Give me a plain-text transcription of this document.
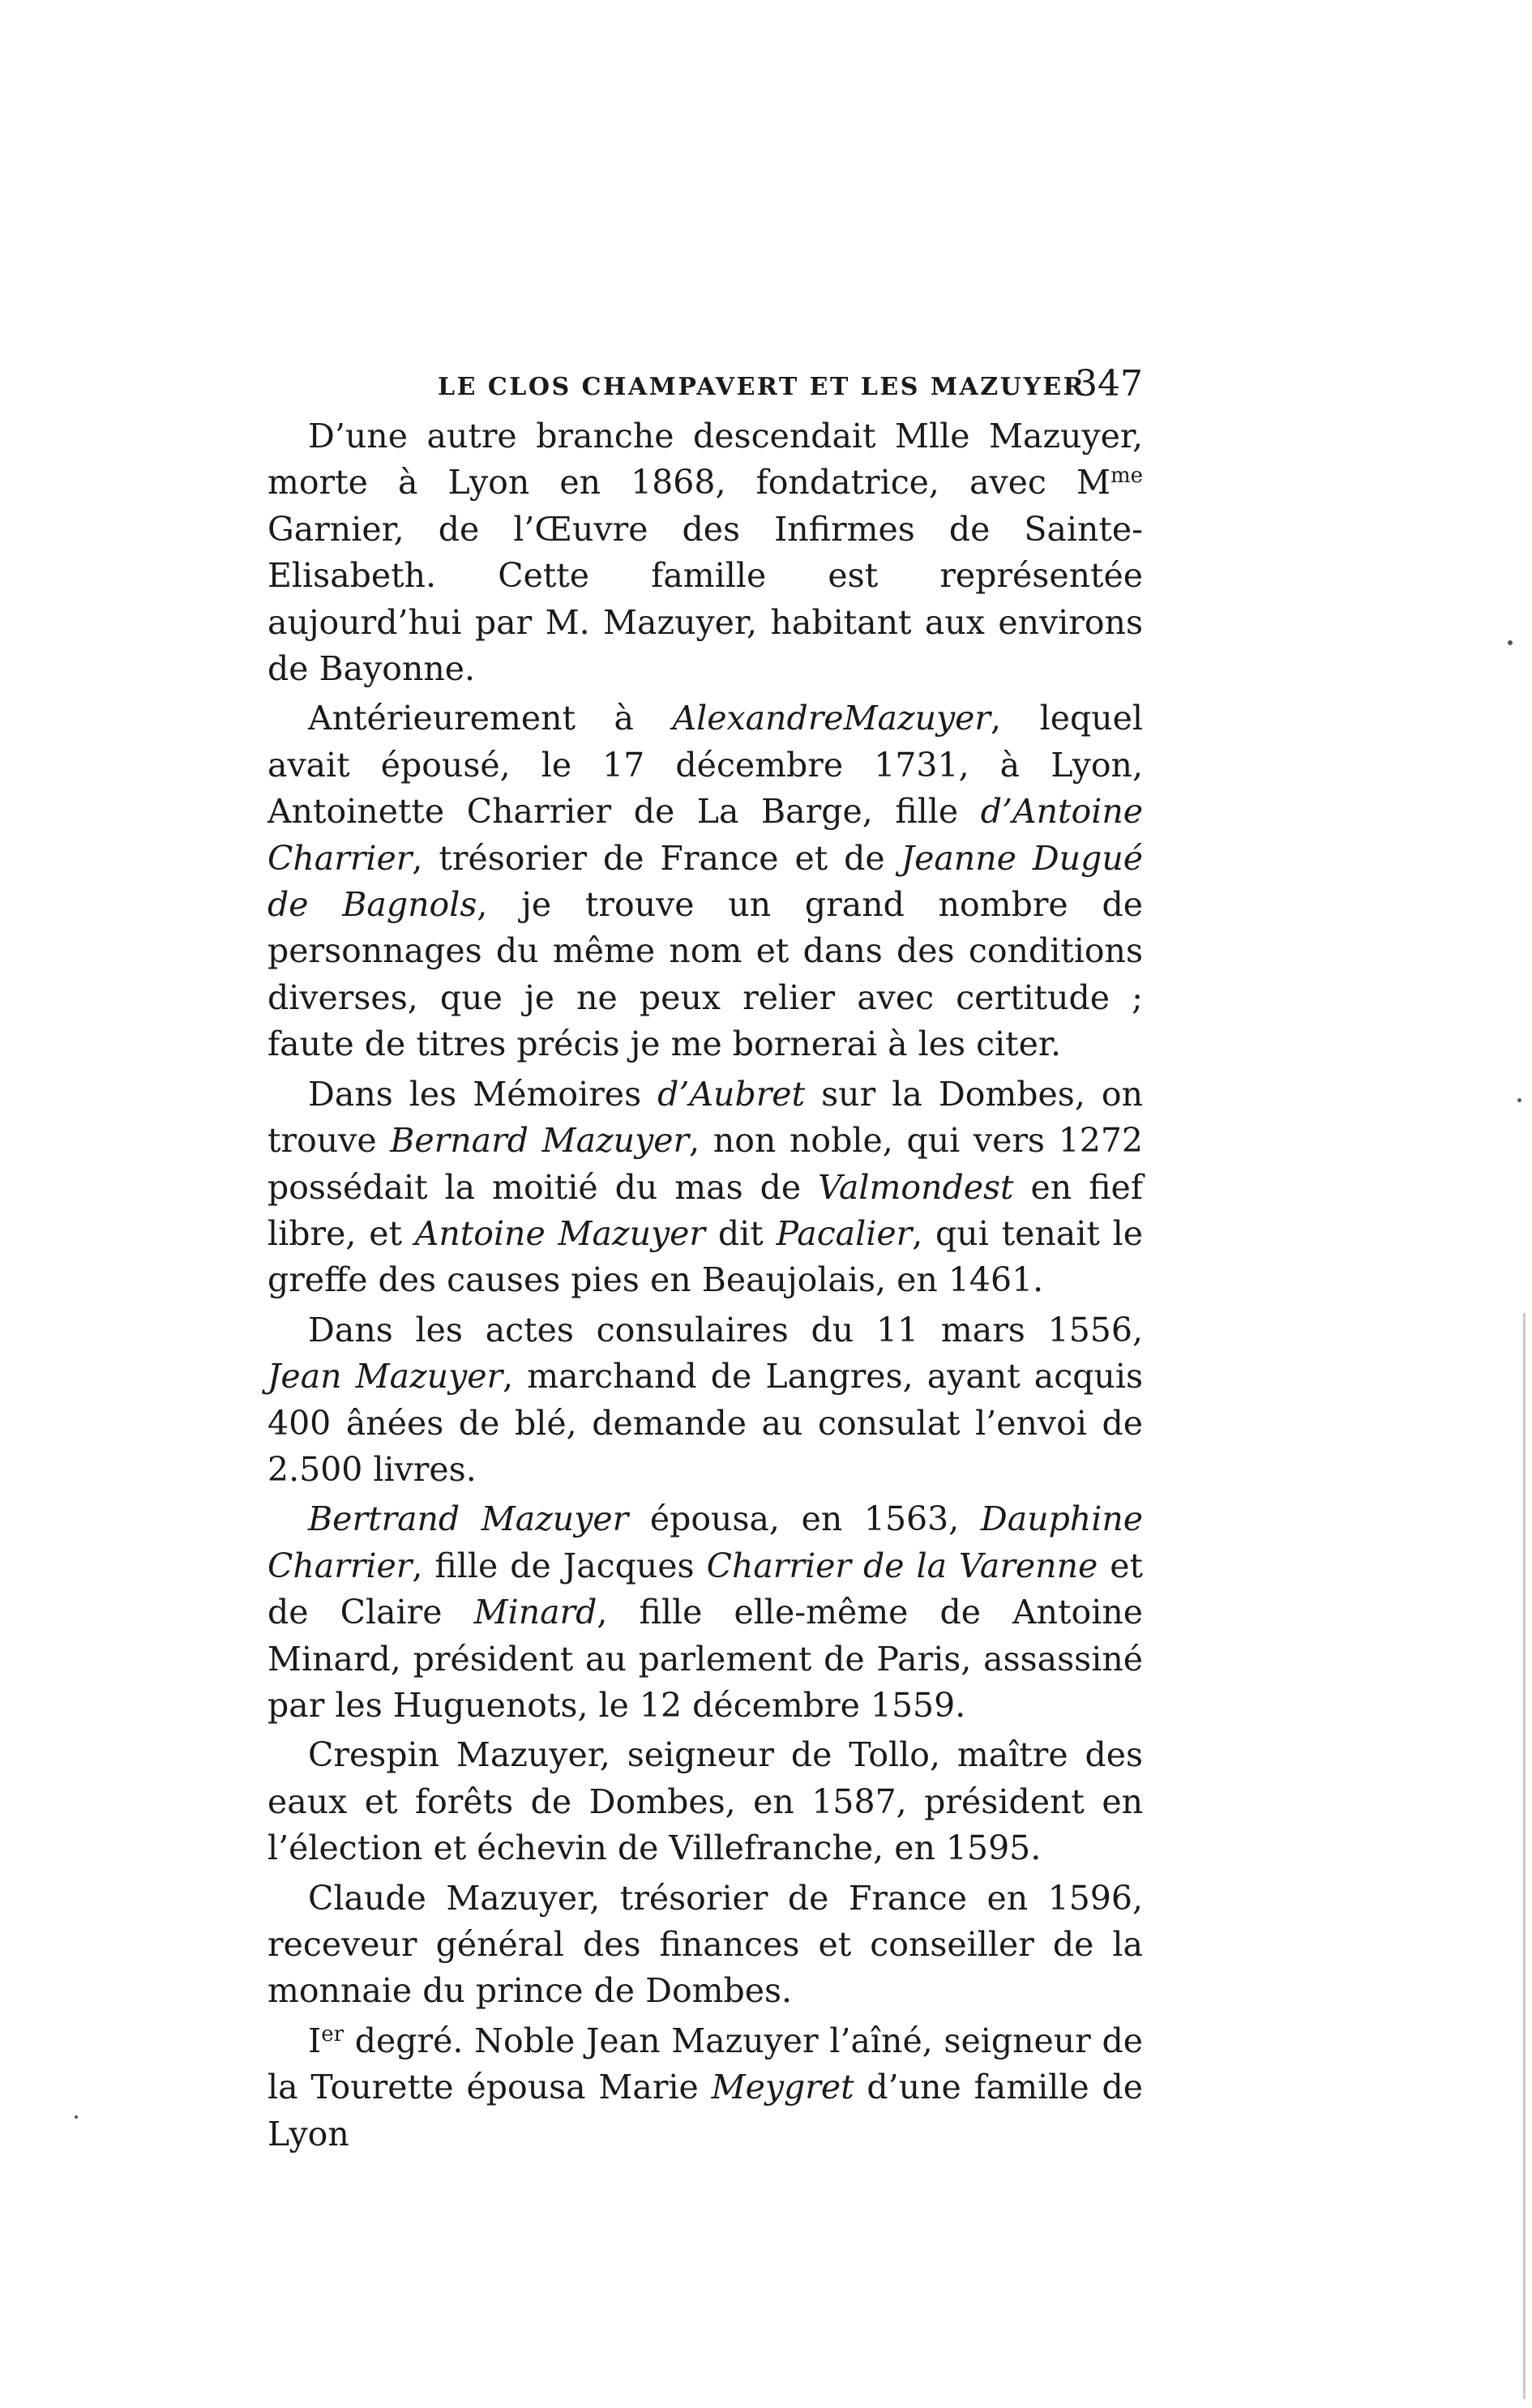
LE CLOS CHAMPAVERT ET LES MAZUYER
347

D’une autre branche descendait Mlle Mazuyer, morte à Lyon en 1868, fondatrice, avec $M^{me}$ Garnier, de l’Œuvre des Infirmes de Sainte-Elisabeth. Cette famille est représentée aujourd’hui par M. Mazuyer, habitant aux environs de Bayonne.

Antérieurement à AlexandreMazuyer, lequel avait épousé, le 17 décembre 1731, à Lyon, Antoinette Charrier de La Barge, fille d’Antoine Charrier, trésorier de France et de Jeanne Dugué de Bagnols, je trouve un grand nombre de personnages du même nom et dans des conditions diverses, que je ne peux relier avec certitude ; faute de titres précis je me bornerai à les citer.

Dans les Mémoires d’Aubret sur la Dombes, on trouve Bernard Mazuyer, non noble, qui vers 1272 possédait la moitié du mas de Valmondest en fief libre, et Antoine Mazuyer dit Pacalier, qui tenait le greffe des causes pies en Beaujolais, en 1461.

Dans les actes consulaires du 11 mars 1556, Jean Mazuyer, marchand de Langres, ayant acquis 400 ânées de blé, demande au consulat l’envoi de 2.500 livres.

Bertrand Mazuyer épousa, en 1563, Dauphine Charrier, fille de Jacques Charrier de la Varenne et de Claire Minard, fille elle-même de Antoine Minard, président au parlement de Paris, assassiné par les Huguenots, le 12 décembre 1559.

Crespin Mazuyer, seigneur de Tollo, maître des eaux et forêts de Dombes, en 1587, président en l’élection et échevin de Villefranche, en 1595.

Claude Mazuyer, trésorier de France en 1596, receveur général des finances et conseiller de la monnaie du prince de Dombes.

Ier degré. Noble Jean Mazuyer l’aîné, seigneur de la Tourette épousa Marie Meygret d’une famille de Lyon
